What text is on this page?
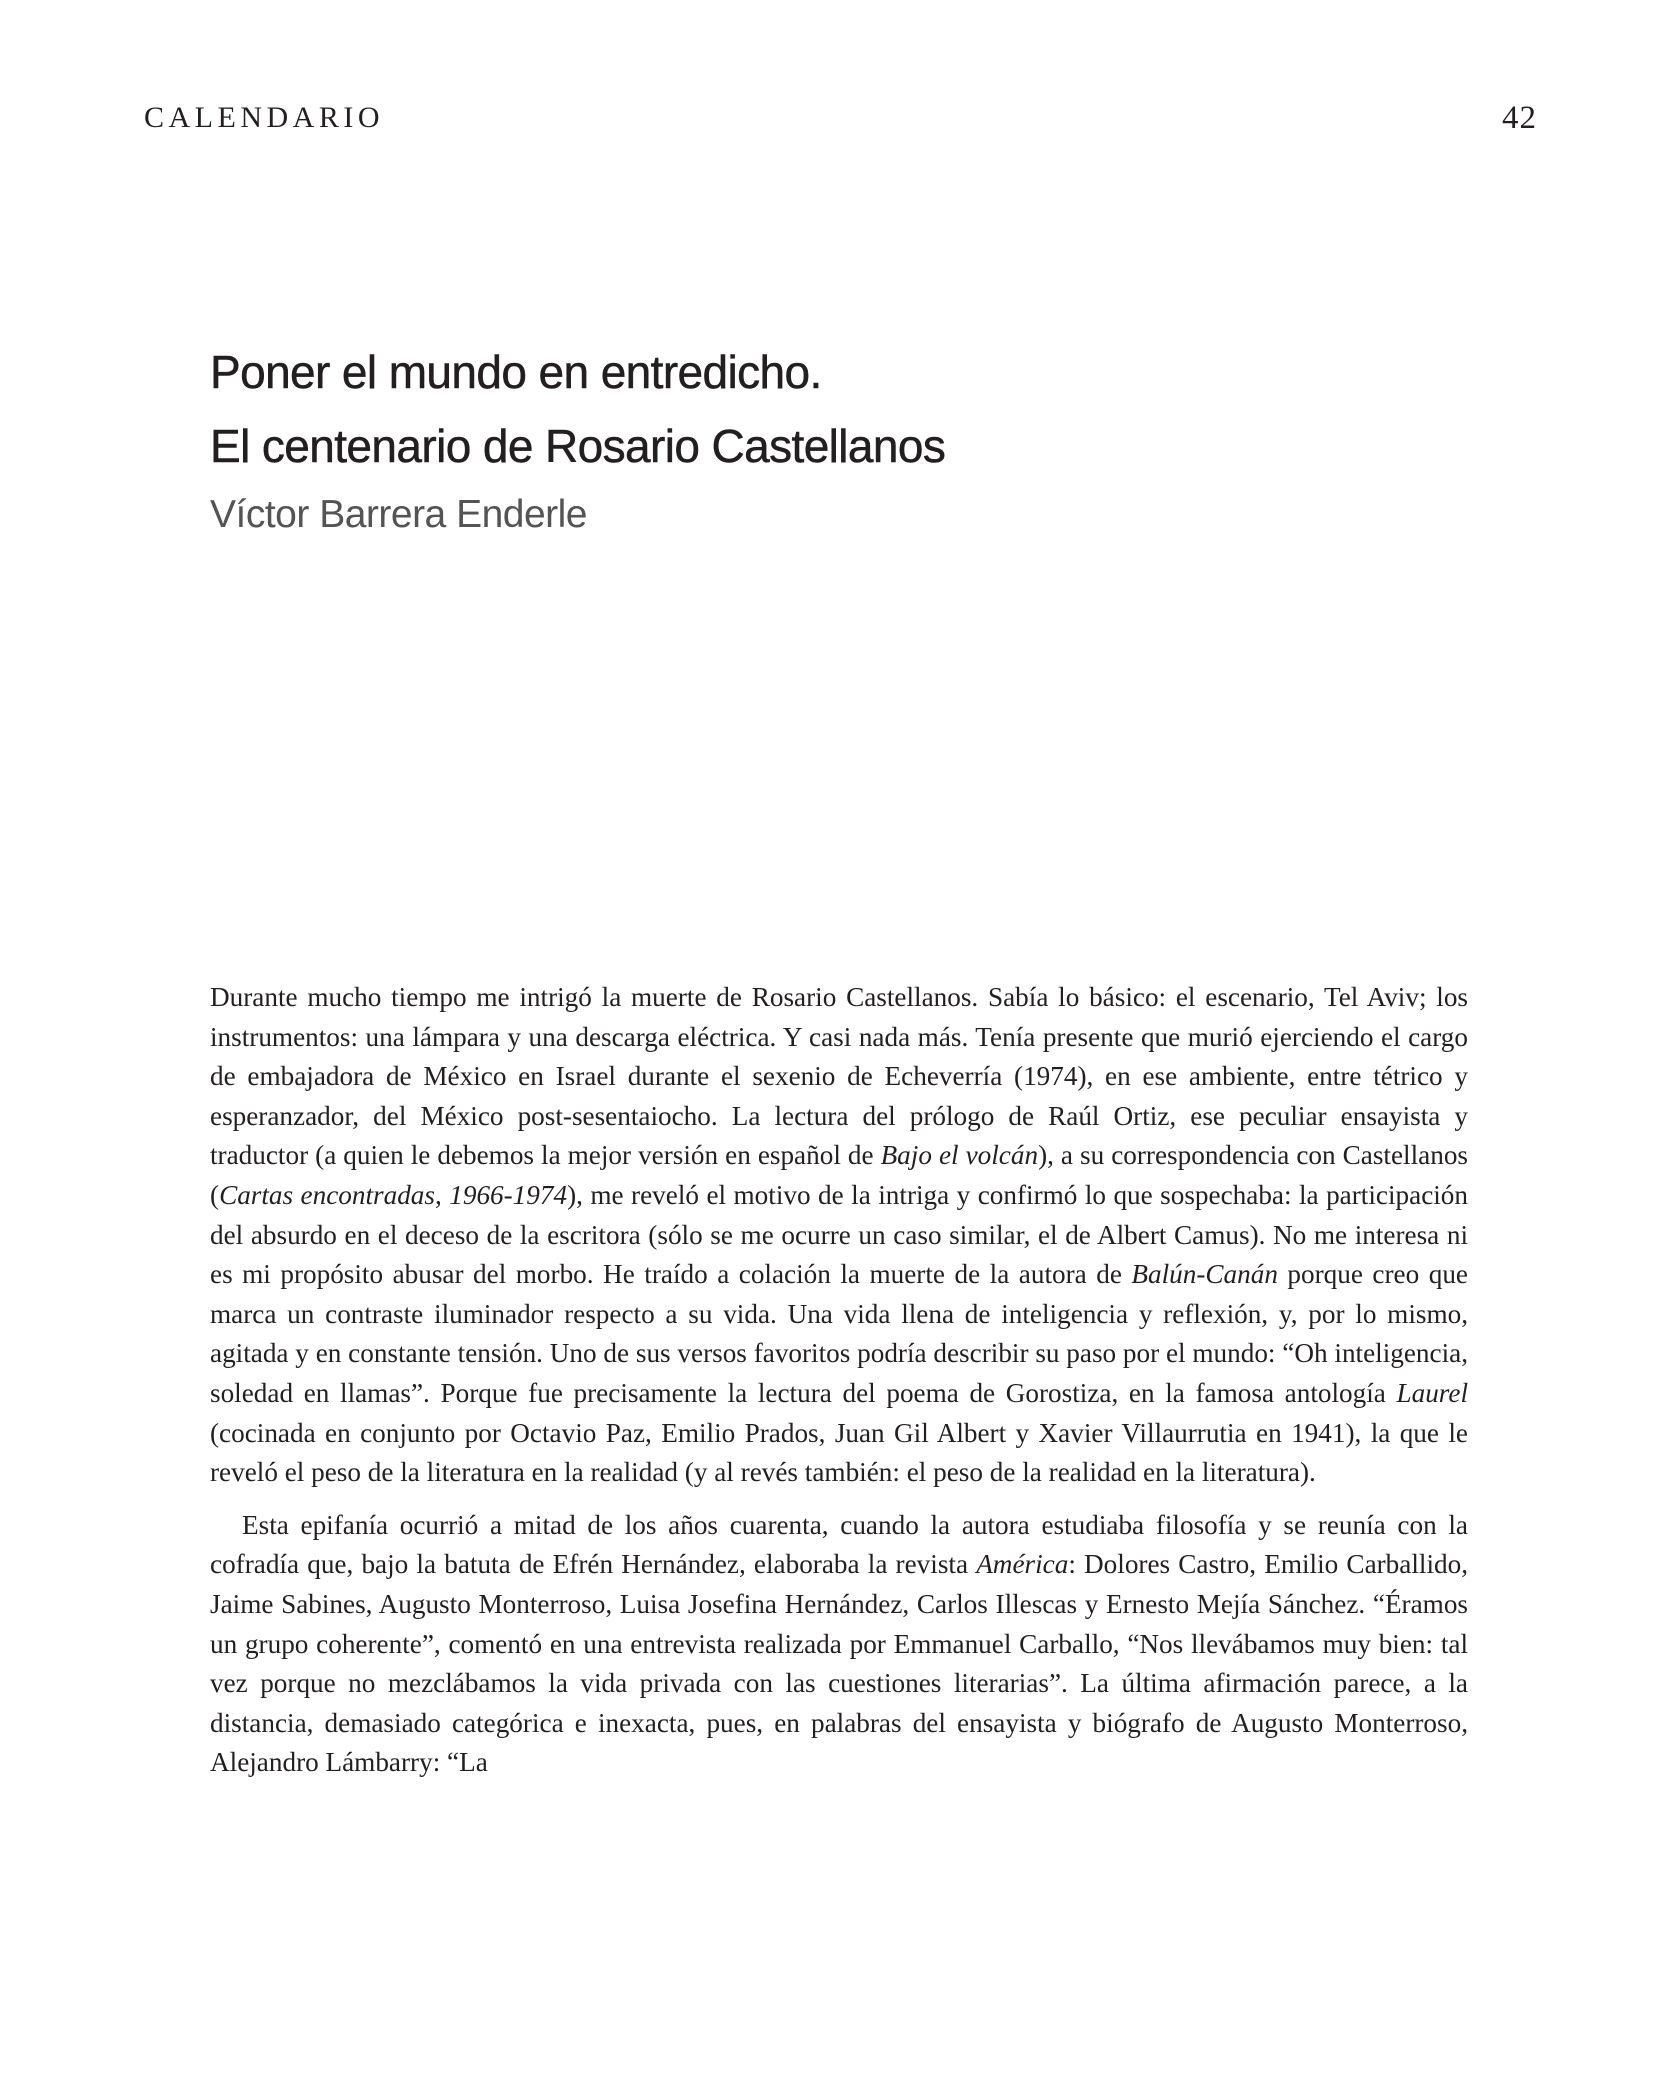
CALENDARIO	42
Poner el mundo en entredicho.
El centenario de Rosario Castellanos
Víctor Barrera Enderle

Durante mucho tiempo me intrigó la muerte de Rosario Castellanos. Sabía lo básico: el escenario, Tel Aviv; los instrumentos: una lámpara y una descarga eléctrica. Y casi nada más. Tenía presente que murió ejerciendo el cargo de embajadora de México en Israel durante el sexenio de Echeverría (1974), en ese ambiente, entre tétrico y esperanzador, del México post-sesentaiocho. La lectura del prólogo de Raúl Ortiz, ese peculiar ensayista y traductor (a quien le debemos la mejor versión en español de Bajo el volcán), a su correspondencia con Castellanos (Cartas encontradas, 1966-1974), me reveló el motivo de la intriga y confirmó lo que sospechaba: la participación del absurdo en el deceso de la escritora (sólo se me ocurre un caso similar, el de Albert Camus). No me interesa ni es mi propósito abusar del morbo. He traído a colación la muerte de la autora de Balún-Canán porque creo que marca un contraste iluminador respecto a su vida. Una vida llena de inteligencia y reflexión, y, por lo mismo, agitada y en constante tensión. Uno de sus versos favoritos podría describir su paso por el mundo: “Oh inteligencia, soledad en llamas”. Porque fue precisamente la lectura del poema de Gorostiza, en la famosa antología Laurel (cocinada en conjunto por Octavio Paz, Emilio Prados, Juan Gil Albert y Xavier Villaurrutia en 1941), la que le reveló el peso de la literatura en la realidad (y al revés también: el peso de la realidad en la literatura).

Esta epifanía ocurrió a mitad de los años cuarenta, cuando la autora estudiaba filosofía y se reunía con la cofradía que, bajo la batuta de Efrén Hernández, elaboraba la revista América: Dolores Castro, Emilio Carballido, Jaime Sabines, Augusto Monterroso, Luisa Josefina Hernández, Carlos Illescas y Ernesto Mejía Sánchez. “Éramos un grupo coherente”, comentó en una entrevista realizada por Emmanuel Carballo, “Nos llevábamos muy bien: tal vez porque no mezclábamos la vida privada con las cuestiones literarias”. La última afirmación parece, a la distancia, demasiado categórica e inexacta, pues, en palabras del ensayista y biógrafo de Augusto Monterroso, Alejandro Lámbarry: “La
